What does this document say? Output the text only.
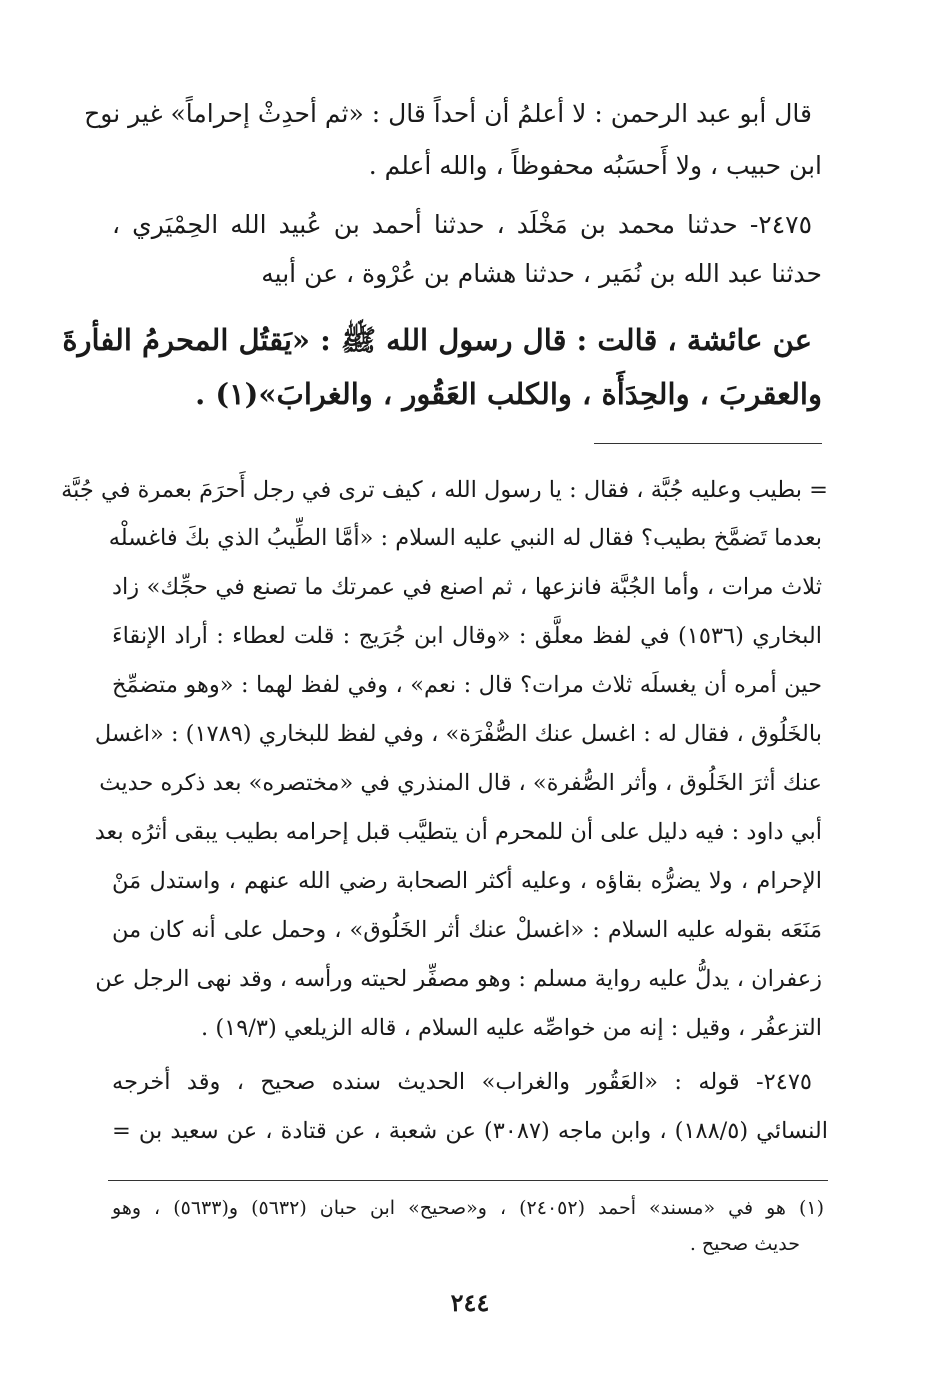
قال أبو عبد الرحمن : لا أعلمُ أن أحداً قال : «ثم أحدِثْ إحراماً» غير نوح
ابن حبيب ، ولا أَحسَبُه محفوظاً ، والله أعلم .
٢٤٧٥- حدثنا محمد بن مَخْلَد ، حدثنا أحمد بن عُبيد الله الحِمْيَري ،
حدثنا عبد الله بن نُمَير ، حدثنا هشام بن عُرْوة ، عن أبيه
عن عائشة ، قالت : قال رسول الله ﷺ : «يَقتُل المحرمُ الفأرةَ
والعقربَ ، والحِدَأَة ، والكلب العَقُور ، والغرابَ»(١) .
= بطيب وعليه جُبَّة ، فقال : يا رسول الله ، كيف ترى في رجل أَحرَمَ بعمرة في جُبَّة
بعدما تَضمَّخ بطيب؟ فقال له النبي عليه السلام : «أمَّا الطِّيبُ الذي بكَ فاغسلْه
ثلاث مرات ، وأما الجُبَّة فانزعها ، ثم اصنع في عمرتك ما تصنع في حجِّك» زاد
البخاري (١٥٣٦) في لفظ معلَّق : «وقال ابن جُرَيج : قلت لعطاء : أراد الإنقاءَ
حين أمره أن يغسلَه ثلاث مرات؟ قال : نعم» ، وفي لفظ لهما : «وهو متضمِّخ
بالخَلُوق ، فقال له : اغسل عنك الصُّفْرَة» ، وفي لفظ للبخاري (١٧٨٩) : «اغسل
عنك أثرَ الخَلُوق ، وأثر الصُّفرة» ، قال المنذري في «مختصره» بعد ذكره حديث
أبي داود : فيه دليل على أن للمحرم أن يتطيَّب قبل إحرامه بطيب يبقى أثرُه بعد
الإحرام ، ولا يضرُّه بقاؤه ، وعليه أكثر الصحابة رضي الله عنهم ، واستدل مَنْ
مَنَعَه بقوله عليه السلام : «اغسلْ عنك أثر الخَلُوق» ، وحمل على أنه كان من
زعفران ، يدلُّ عليه رواية مسلم : وهو مصفِّر لحيته ورأسه ، وقد نهى الرجل عن
التزعفُر ، وقيل : إنه من خواصِّه عليه السلام ، قاله الزيلعي (١٩/٣) .
٢٤٧٥- قوله : «العَقُور والغراب» الحديث سنده صحيح ، وقد أخرجه
النسائي (١٨٨/٥) ، وابن ماجه (٣٠٨٧) عن شعبة ، عن قتادة ، عن سعيد بن =
(١) هو في «مسند» أحمد (٢٤٠٥٢) ، و«صحيح» ابن حبان (٥٦٣٢) و(٥٦٣٣) ، وهو
حديث صحيح .
٢٤٤
